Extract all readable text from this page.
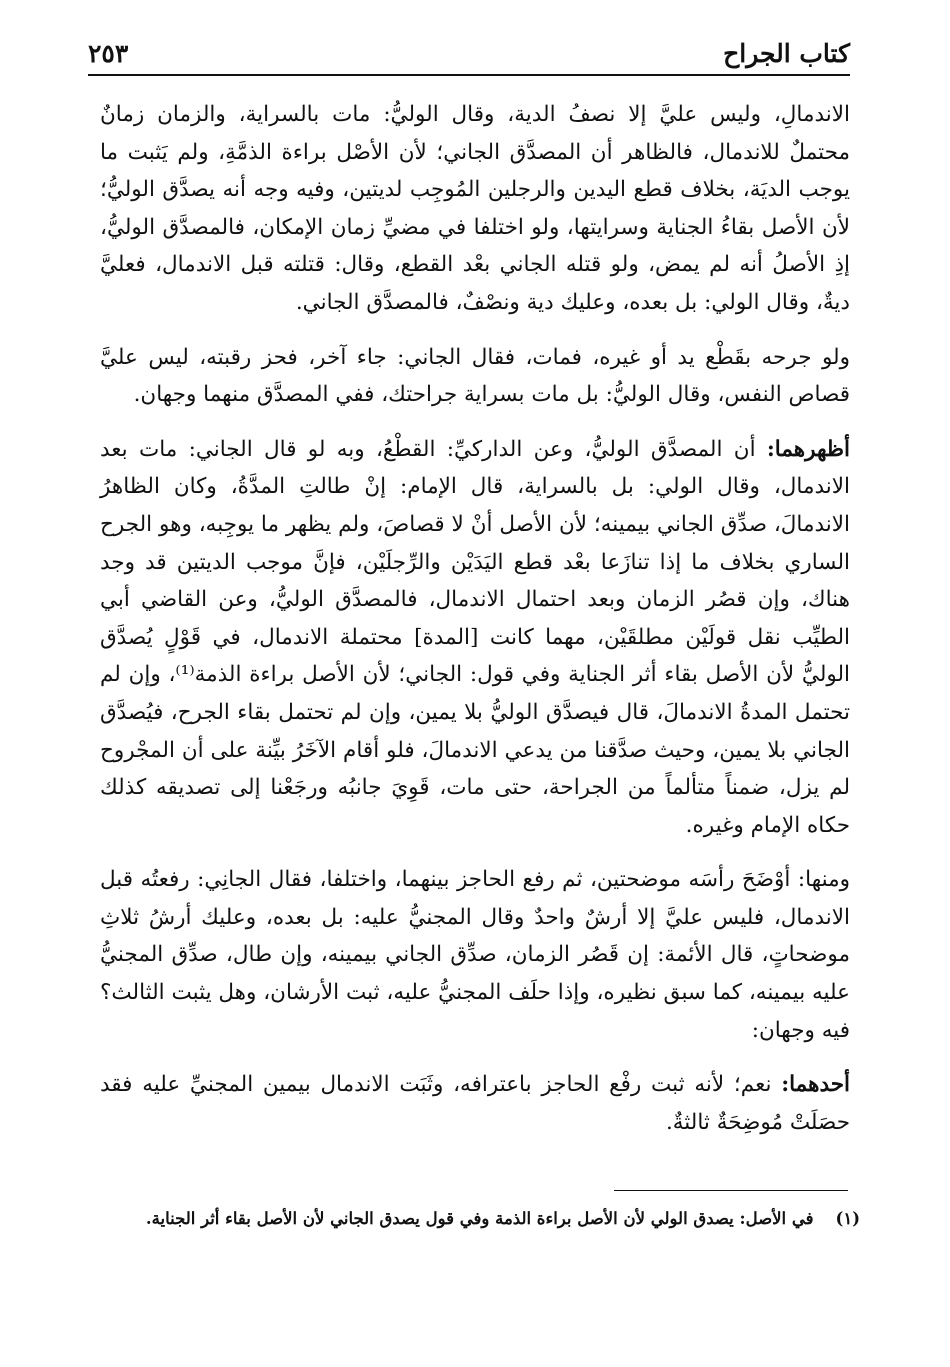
كتاب الجراح
٢٥٣

الاندمالِ، وليس عليَّ إلا نصفُ الدية، وقال الوليُّ: مات بالسراية، والزمان زمانٌ محتملٌ للاندمال، فالظاهر أن المصدَّق الجاني؛ لأن الأصْل براءة الذمَّةِ، ولم يَثبت ما يوجب الديَة، بخلاف قطع اليدين والرجلين المُوجِب لديتين، وفيه وجه أنه يصدَّق الوليُّ؛ لأن الأصل بقاءُ الجناية وسرايتها، ولو اختلفا في مضيِّ زمان الإمكان، فالمصدَّق الوليُّ، إذِ الأصلُ أنه لم يمض، ولو قتله الجاني بعْد القطع، وقال: قتلته قبل الاندمال، فعليَّ ديةٌ، وقال الولي: بل بعده، وعليك دية ونصْفٌ، فالمصدَّق الجاني.

ولو جرحه بقَطْع يد أو غيره، فمات، فقال الجاني: جاء آخر، فحز رقبته، ليس عليَّ قصاص النفس، وقال الوليُّ: بل مات بسراية جراحتك، ففي المصدَّق منهما وجهان.

أظهرهما: أن المصدَّق الوليُّ، وعن الداركيِّ: القطْعُ، وبه لو قال الجاني: مات بعد الاندمال، وقال الولي: بل بالسراية، قال الإمام: إنْ طالتِ المدَّةُ، وكان الظاهرُ الاندمالَ، صدِّق الجاني بيمينه؛ لأن الأصل أنْ لا قصاصَ، ولم يظهر ما يوجِبه، وهو الجرح الساري بخلاف ما إذا تنازَعا بعْد قطع اليَدَيْن والرِّجلَيْن، فإنَّ موجب الديتين قد وجد هناك، وإن قصُر الزمان وبعد احتمال الاندمال، فالمصدَّق الوليُّ، وعن القاضي أبي الطيِّب نقل قولَيْن مطلقَيْن، مهما كانت [المدة] محتملة الاندمال، في قَوْلٍ يُصدَّق الوليُّ لأن الأصل بقاء أثر الجناية وفي قول: الجاني؛ لأن الأصل براءة الذمة⁽¹⁾، وإن لم تحتمل المدةُ الاندمالَ، قال فيصدَّق الوليُّ بلا يمين، وإن لم تحتمل بقاء الجرح، فيُصدَّق الجاني بلا يمين، وحيث صدَّقنا من يدعي الاندمالَ، فلو أقام الآخَرُ بيِّنة على أن المجْروح لم يزل، ضمناً متألماً من الجراحة، حتى مات، قَوِيَ جانبُه ورجَعْنا إلى تصديقه كذلك حكاه الإمام وغيره.

ومنها: أوْضَحَ رأسَه موضحتين، ثم رفع الحاجز بينهما، واختلفا، فقال الجانِي: رفعتُه قبل الاندمال، فليس عليَّ إلا أرشٌ واحدٌ وقال المجنيُّ عليه: بل بعده، وعليك أرشُ ثلاثِ موضحاتٍ، قال الأئمة: إن قَصُر الزمان، صدِّق الجاني بيمينه، وإن طال، صدِّق المجنيُّ عليه بيمينه، كما سبق نظيره، وإذا حلَف المجنيُّ عليه، ثبت الأرشان، وهل يثبت الثالث؟ فيه وجهان:

أحدهما: نعم؛ لأنه ثبت رفْع الحاجز باعترافه، وثَبَت الاندمال بيمين المجنيِّ عليه فقد حصَلَتْ مُوضِحَةٌ ثالثةٌ.

(١)
في الأصل: يصدق الولي لأن الأصل براءة الذمة وفي قول يصدق الجاني لأن الأصل بقاء أثر الجناية.
